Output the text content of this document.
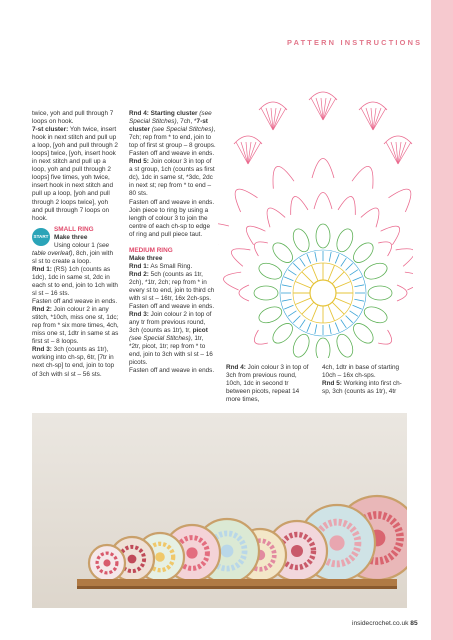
PATTERN INSTRUCTIONS

twice, yoh and pull through 7 loops on hook.

7-st cluster: Yoh twice, insert hook in next stitch and pull up a loop, [yoh and pull through 2 loops] twice, [yoh, insert hook in next stitch and pull up a loop, yoh and pull through 2 loops] five times, yoh twice, insert hook in next stitch and pull up a loop, [yoh and pull through 2 loops twice], yoh and pull through 7 loops on hook.

START
SMALL RING
Make three

Using colour 1 (see table overleaf), 8ch, join with sl st to create a loop.

Rnd 1: (RS) 1ch (counts as 1dc), 1dc in same st, 2dc in each st to end, join to 1ch with sl st – 16 sts.

Fasten off and weave in ends.

Rnd 2: Join colour 2 in any stitch, *10ch, miss one st, 1dc; rep from * six more times, 4ch, miss one st, 1dtr in same st as first st – 8 loops.

Rnd 3: 3ch (counts as 1tr), working into ch-sp, 6tr, [7tr in next ch-sp] to end, join to top of 3ch with sl st – 56 sts.

Rnd 4: Starting cluster (see Special Stitches), 7ch, *7-st cluster (see Special Stitches), 7ch; rep from * to end, join to top of first st group – 8 groups.

Fasten off and weave in ends.

Rnd 5: Join colour 3 in top of a st group, 1ch (counts as first dc), 1dc in same st, *3dc, 2dc in next st; rep from * to end – 80 sts.

Fasten off and weave in ends. Join piece to ring by using a length of colour 3 to join the centre of each ch-sp to edge of ring and pull piece taut.

MEDIUM RING
Make three

Rnd 1: As Small Ring.

Rnd 2: 5ch (counts as 1tr, 2ch), *1tr, 2ch; rep from * in every st to end, join to third ch with sl st – 16tr, 16x 2ch-sps.

Fasten off and weave in ends.

Rnd 3: Join colour 2 in top of any tr from previous round, 3ch (counts as 1tr), tr, picot (see Special Stitches), 1tr, *2tr, picot, 1tr; rep from * to end, join to 3ch with sl st – 16 picots.

Fasten off and weave in ends. Rnd 4: Join colour 3 in top of 3ch from previous round, 10ch, 1dc in second tr between picots, repeat 14 more times,

4ch, 1dtr in base of starting 10ch – 16x ch-sps.

Rnd 5: Working into first ch-sp, 3ch (counts as 1tr), 4tr

insidecrochet.co.uk 85
